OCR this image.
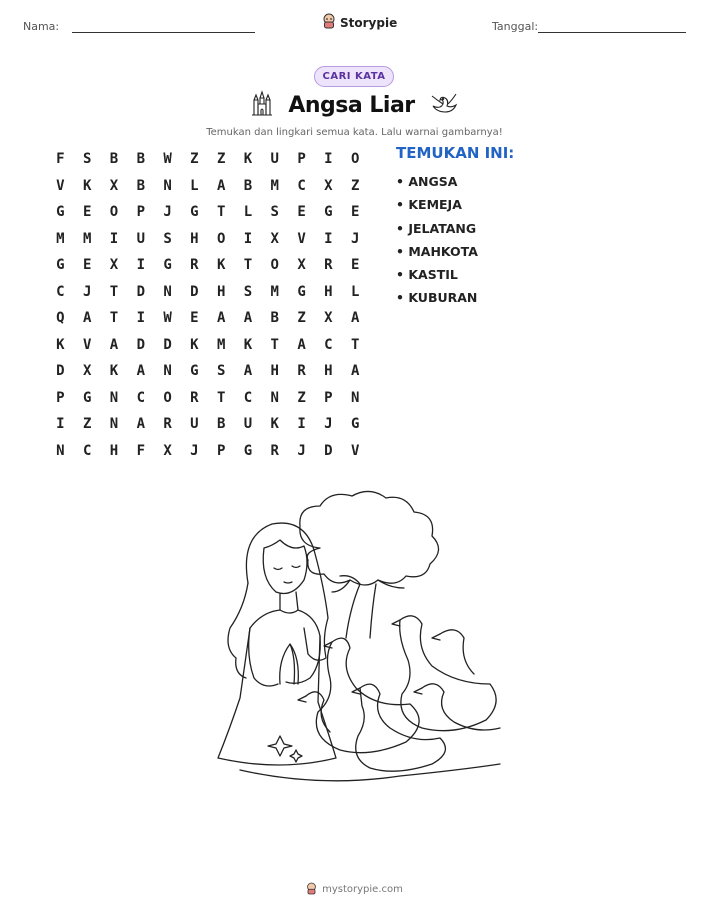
Nama:	Tanggal:
Storypie
CARI KATA
Angsa Liar
Temukan dan lingkari semua kata. Lalu warnai gambarnya!
F	S	B	B	W	Z	Z	K	U	P	I	O
V	K	X	B	N	L	A	B	M	C	X	Z
G	E	O	P	J	G	T	L	S	E	G	E
M	M	I	U	S	H	O	I	X	V	I	J
G	E	X	I	G	R	K	T	O	X	R	E
C	J	T	D	N	D	H	S	M	G	H	L
Q	A	T	I	W	E	A	A	B	Z	X	A
K	V	A	D	D	K	M	K	T	A	C	T
D	X	K	A	N	G	S	A	H	R	H	A
P	G	N	C	O	R	T	C	N	Z	P	N
I	Z	N	A	R	U	B	U	K	I	J	G
N	C	H	F	X	J	P	G	R	J	D	V
TEMUKAN INI:
• ANGSA
• KEMEJA
• JELATANG
• MAHKOTA
• KASTIL
• KUBURAN
mystorypie.com
